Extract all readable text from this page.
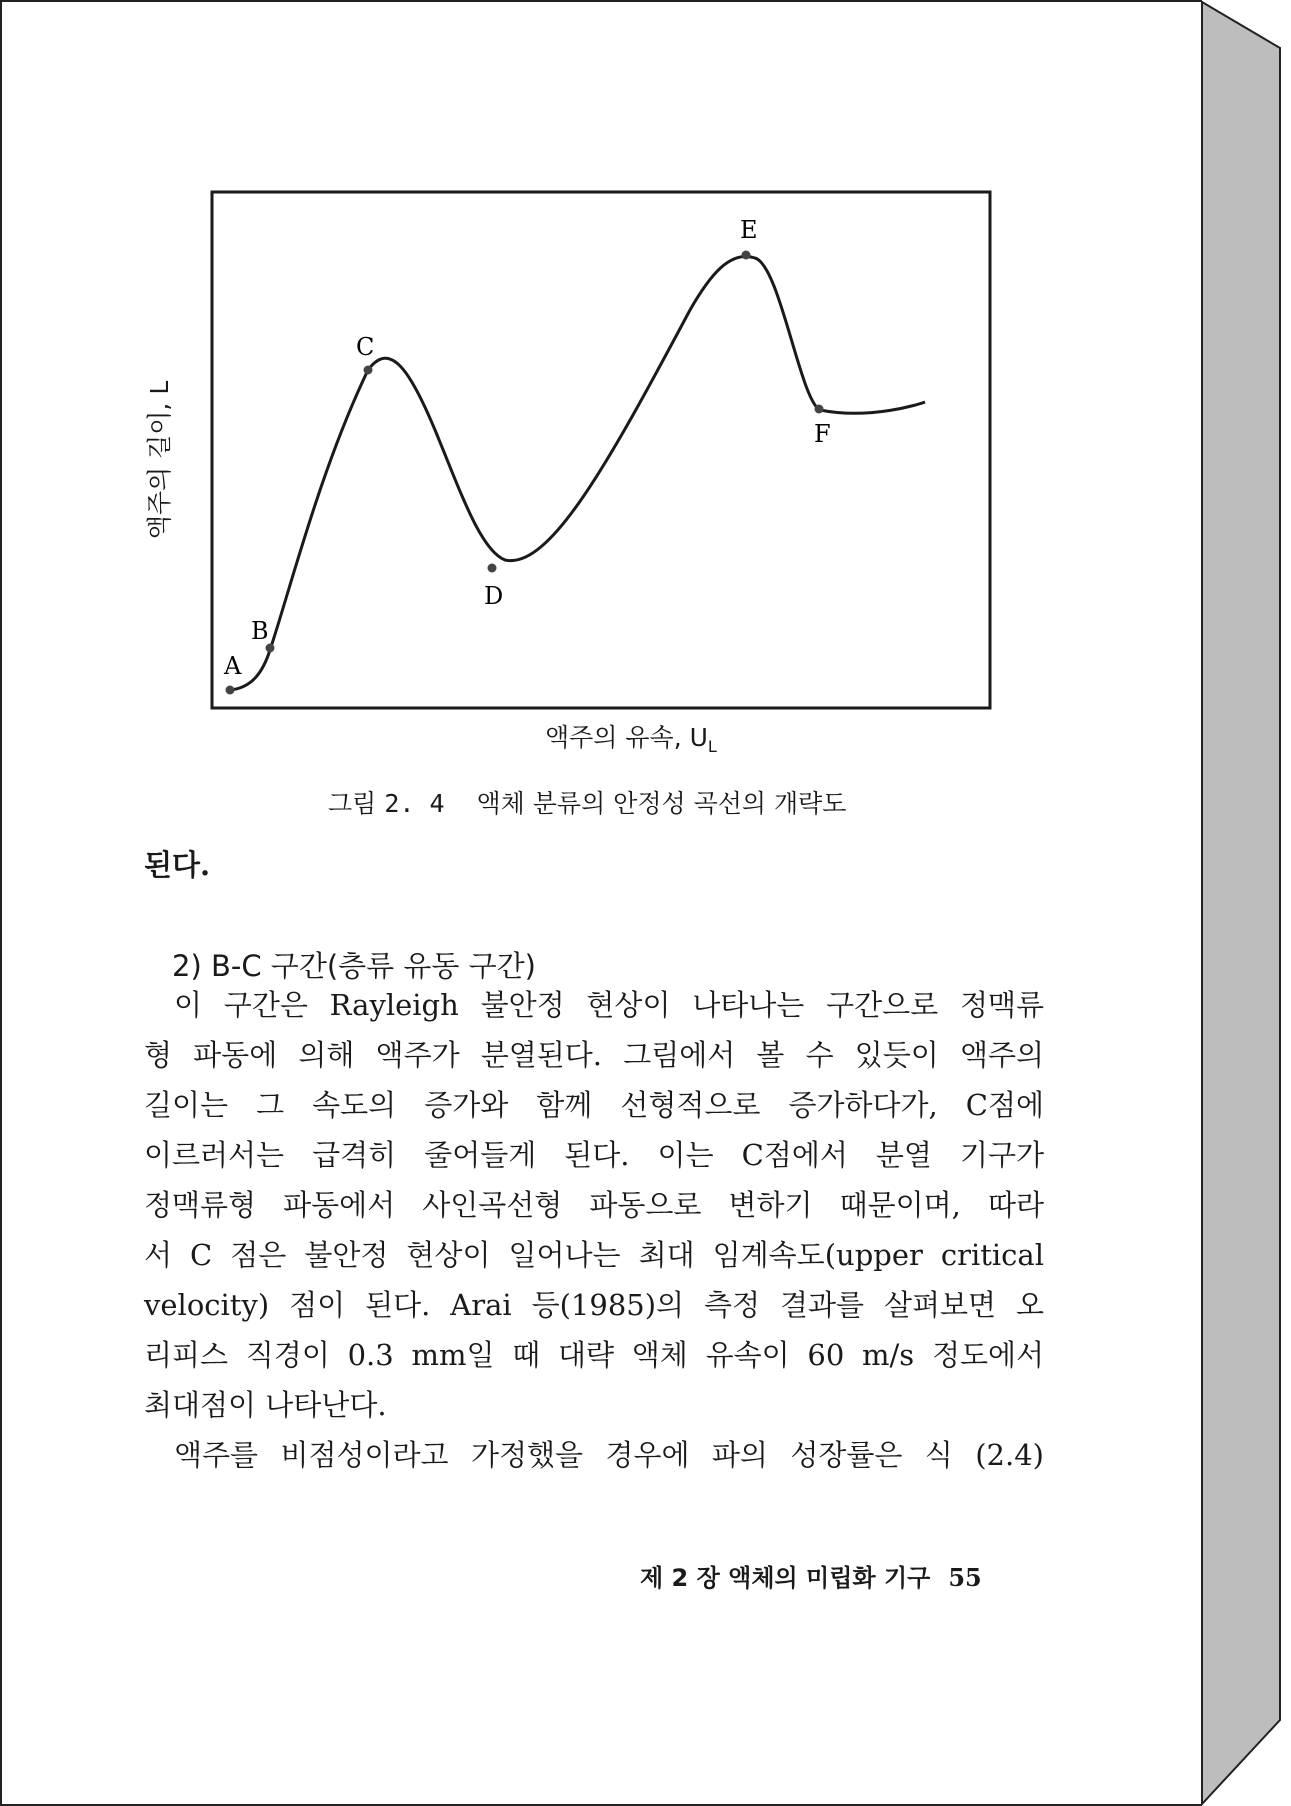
A
B
C
D
E
F
액주의 길이, L
액주의 유속, $U_L$
그림 2. 4 액체 분류의 안정성 곡선의 개략도
된다.
2) B-C 구간(층류 유동 구간)
이 구간은 Rayleigh 불안정 현상이 나타나는 구간으로 정맥류
형 파동에 의해 액주가 분열된다. 그림에서 볼 수 있듯이 액주의
길이는 그 속도의 증가와 함께 선형적으로 증가하다가, C점에
이르러서는 급격히 줄어들게 된다. 이는 C점에서 분열 기구가
정맥류형 파동에서 사인곡선형 파동으로 변하기 때문이며, 따라
서 C 점은 불안정 현상이 일어나는 최대 임계속도(upper critical
velocity) 점이 된다. Arai 등(1985)의 측정 결과를 살펴보면 오
리피스 직경이 0.3 mm일 때 대략 액체 유속이 60 m/s 정도에서
최대점이 나타난다.
액주를 비점성이라고 가정했을 경우에 파의 성장률은 식 (2.4)
제 2 장 액체의 미립화 기구 55
